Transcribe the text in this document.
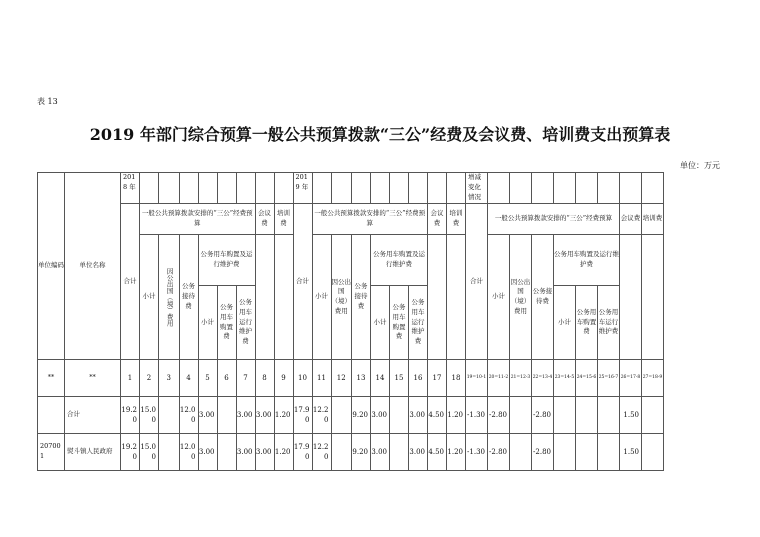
表 13
2019 年部门综合预算一般公共预算拨款“三公”经费及会议费、培训费支出预算表
单位：万元
单位编码	单位名称	2018 年									2019 年									增减变化情况								
		合计	一般公共预算拨款安排的“三公”经费预算						会议费	培训费	合计	一般公共预算拨款安排的“三公”经费预算						会议费	培训费	合计	一般公共预算拨款安排的“三公”经费预算						会议费	培训费
			小计	因公出国（境）费用	公务接待费	公务用车购置及运行维护费						小计	因公出国（境）费用	公务接待费	公务用车购置及运行维护费						小计	因公出国（境）费用	公务接待费	公务用车购置及运行维护费				
						小计	公务用车购置费	公务用车运行维护费							小计	公务用车购置费	公务用车运行维护费							小计	公务用车购置费	公务用车运行维护费		
**	**	1	2	3	4	5	6	7	8	9	10	11	12	13	14	15	16	17	18	19=10-1	20=11-2	21=12-3	22=13-4	23=14-5	24=15-6	25=16-7	26=17-8	27=18-9
	合计	19.20	15.00		12.00	3.00		3.00	3.00	1.20	17.90	12.20		9.20	3.00		3.00	4.50	1.20	-1.30	-2.80		-2.80				1.50	
207001	熨斗镇人民政府	19.20	15.00		12.00	3.00		3.00	3.00	1.20	17.90	12.20		9.20	3.00		3.00	4.50	1.20	-1.30	-2.80		-2.80				1.50	
